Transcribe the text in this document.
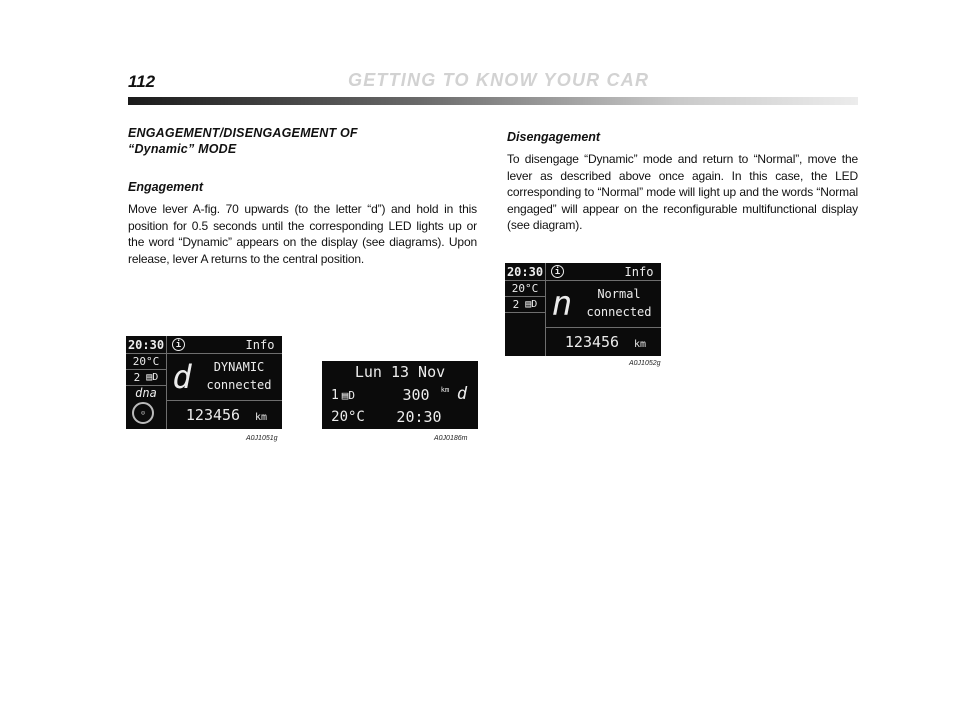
112	GETTING TO KNOW YOUR CAR
ENGAGEMENT/DISENGAGEMENT OF
“Dynamic” MODE
Engagement

Move lever A-fig. 70 upwards (to the letter “d”) and hold in this position for 0.5 seconds until the corresponding LED lights up or the word “Dynamic” appears on the display (see diagrams). Upon release, lever A returns to the central position.

Disengagement

To disengage “Dynamic” mode and return to “Normal”, move the lever as described above once again. In this case, the LED corresponding to “Normal” mode will light up and the words “Normal engaged” will appear on the reconfigurable multifunctional display (see diagram).

20:30	i	Info
20°C
2 ▤D
dna
⊙
d	DYNAMIC
connected
123456	km
A0J1051g
Lun 13 Nov
1 ▤D	300	km d
20°C 20:30
A0J0186m
20:30	i	Info
20°C
2 ▤D n	Normal
connected
123456	km
A0J1052g
